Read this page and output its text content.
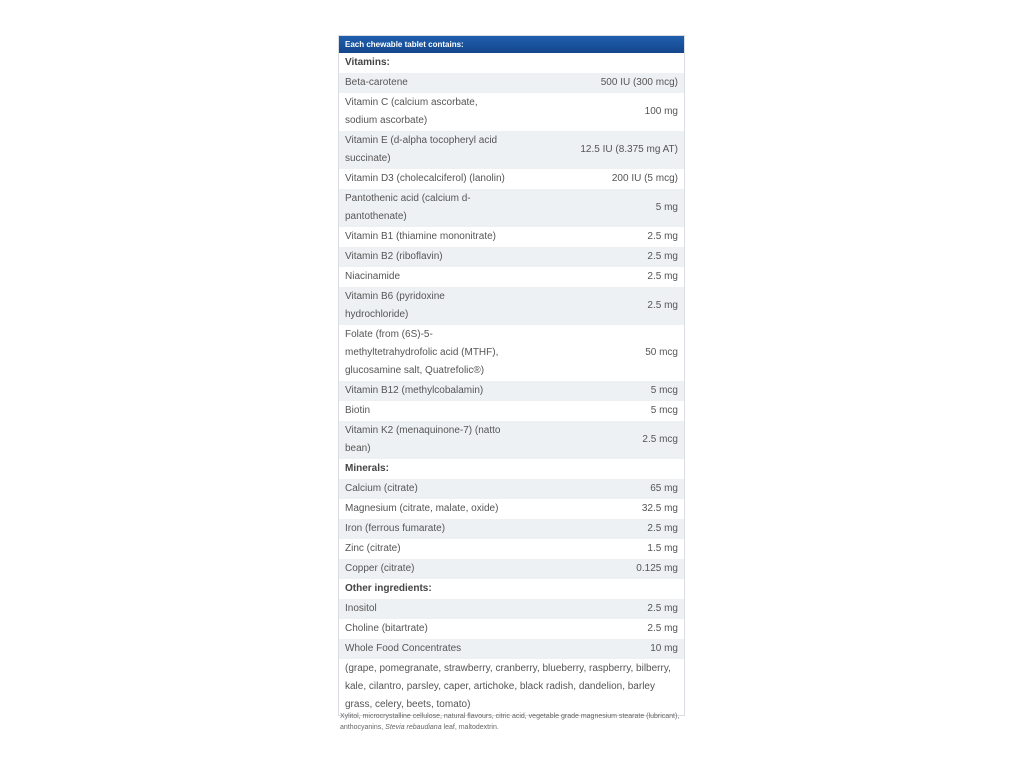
Each chewable tablet contains:
Vitamins:	
Beta-carotene	500 IU (300 mcg)
Vitamin C (calcium ascorbate, sodium ascorbate)	100 mg
Vitamin E (d-alpha tocopheryl acid succinate)	12.5 IU (8.375 mg AT)
Vitamin D3 (cholecalciferol) (lanolin)	200 IU (5 mcg)
Pantothenic acid (calcium d-pantothenate)	5 mg
Vitamin B1 (thiamine mononitrate)	2.5 mg
Vitamin B2 (riboflavin)	2.5 mg
Niacinamide	2.5 mg
Vitamin B6 (pyridoxine hydrochloride)	2.5 mg
Folate (from (6S)-5-methyltetrahydrofolic acid (MTHF), glucosamine salt, Quatrefolic®)	50 mcg
Vitamin B12 (methylcobalamin)	5 mcg
Biotin	5 mcg
Vitamin K2 (menaquinone-7) (natto bean)	2.5 mcg
Minerals:	
Calcium (citrate)	65 mg
Magnesium (citrate, malate, oxide)	32.5 mg
Iron (ferrous fumarate)	2.5 mg
Zinc (citrate)	1.5 mg
Copper (citrate)	0.125 mg
Other ingredients:	
Inositol	2.5 mg
Choline (bitartrate)	2.5 mg
Whole Food Concentrates	10 mg
(grape, pomegranate, strawberry, cranberry, blueberry, raspberry, bilberry, kale, cilantro, parsley, caper, artichoke, black radish, dandelion, barley grass, celery, beets, tomato)	
Xylitol, microcrystalline cellulose, natural flavours, citric acid, vegetable grade magnesium stearate (lubricant), anthocyanins, Stevia rebaudiana leaf, maltodextrin.
